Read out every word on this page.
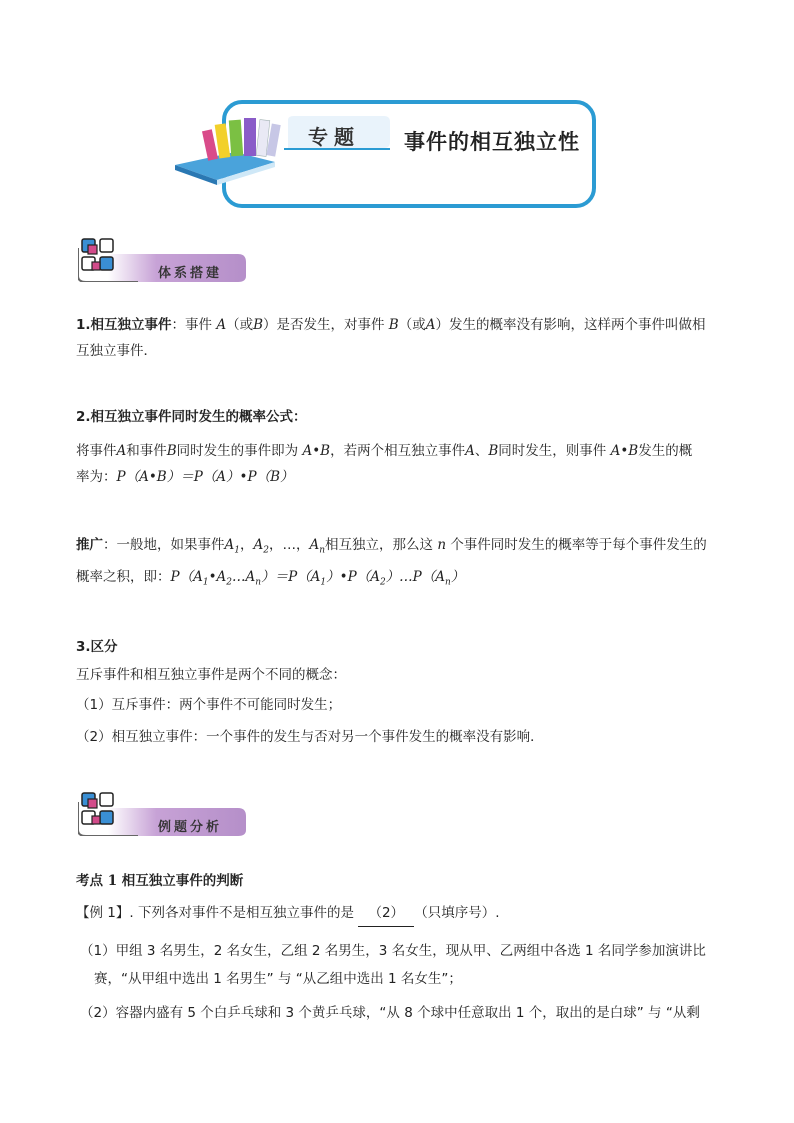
专题 事件的相互独立性
体系搭建
1.相互独立事件：事件 A（或B）是否发生，对事件 B（或A）发生的概率没有影响，这样两个事件叫做相
互独立事件．
2.相互独立事件同时发生的概率公式：
将事件A和事件B同时发生的事件即为 A•B，若两个相互独立事件A、B同时发生，则事件 A•B发生的概
率为：P（A•B）＝P（A）•P（B）
推广：一般地，如果事件$A_1$，$A_2$，…，$A_n$相互独立，那么这 n 个事件同时发生的概率等于每个事件发生的
概率之积，即：$P(A_1•A_2\dots A_n)=P(A_1)•P(A_2)\dots P(A_n)$
3.区分
互斥事件和相互独立事件是两个不同的概念：
（1）互斥事件：两个事件不可能同时发生；
（2）相互独立事件：一个事件的发生与否对另一个事件发生的概率没有影响．
例题分析
考点 1 相互独立事件的判断
【例 1】. 下列各对事件不是相互独立事件的是 （2） （只填序号）.
（1）甲组 3 名男生，2 名女生，乙组 2 名男生，3 名女生，现从甲、乙两组中各选 1 名同学参加演讲比
赛，“从甲组中选出 1 名男生” 与 “从乙组中选出 1 名女生”；
（2）容器内盛有 5 个白乒乓球和 3 个黄乒乓球，“从 8 个球中任意取出 1 个，取出的是白球” 与 “从剩
